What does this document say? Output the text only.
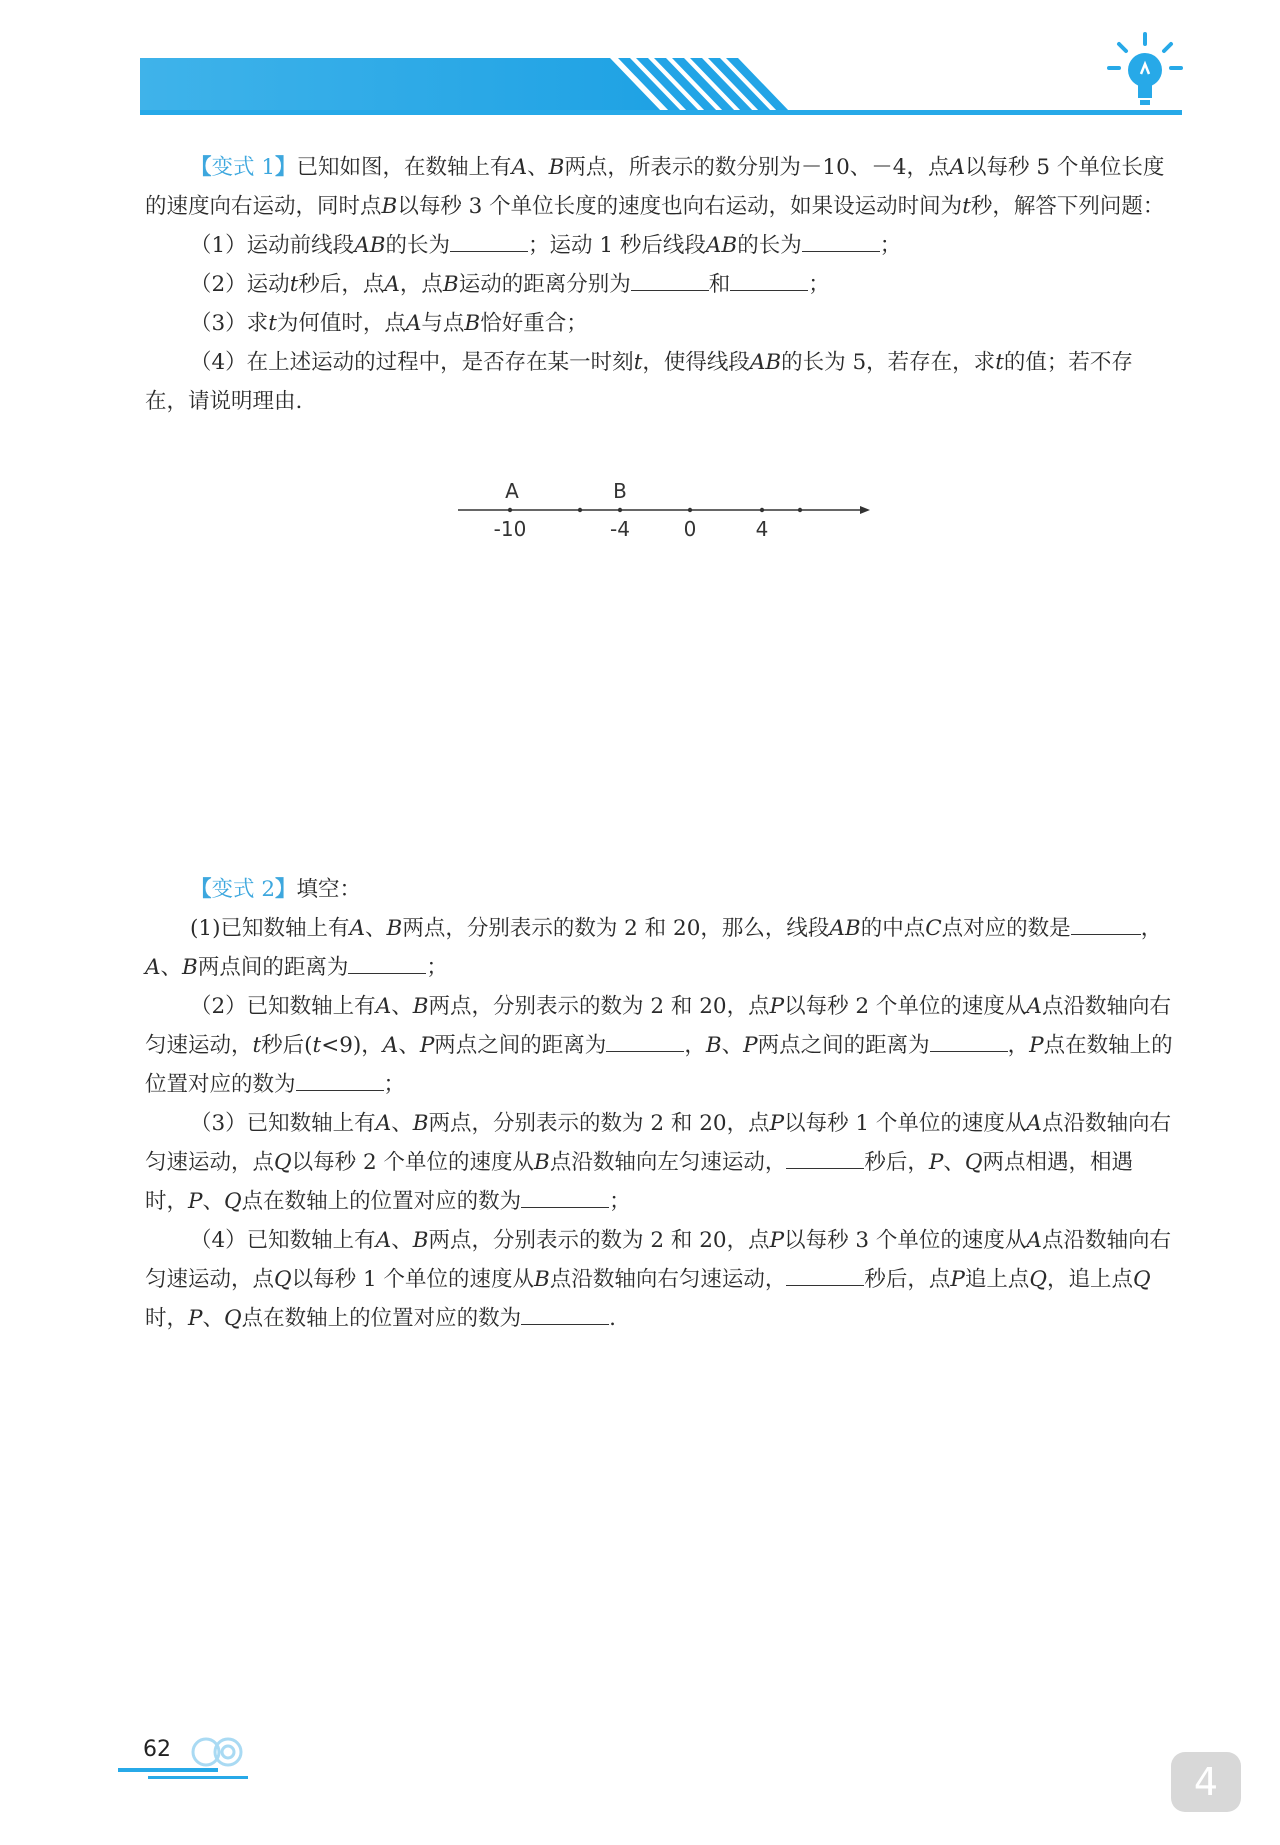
【变式 1】已知如图，在数轴上有A、B两点，所表示的数分别为－10、－4，点A以每秒 5 个单位长度的速度向右运动，同时点B以每秒 3 个单位长度的速度也向右运动，如果设运动时间为t秒，解答下列问题：

（1）运动前线段AB的长为	；运动 1 秒后线段AB的长为	；

（2）运动t秒后，点A，点B运动的距离分别为	和	；

（3）求t为何值时，点A与点B恰好重合；

（4）在上述运动的过程中，是否存在某一时刻t，使得线段AB的长为 5，若存在，求t的值；若不存在，请说明理由.

A	B
-10	-4	0	4

【变式 2】填空：

(1)已知数轴上有A、B两点，分别表示的数为 2 和 20，那么，线段AB的中点C点对应的数是	，A、B两点间的距离为	；

（2）已知数轴上有A、B两点，分别表示的数为 2 和 20，点P以每秒 2 个单位的速度从A点沿数轴向右匀速运动，t秒后(t<9)，A、P两点之间的距离为	，B、P两点之间的距离为	，P点在数轴上的位置对应的数为	；

（3）已知数轴上有A、B两点，分别表示的数为 2 和 20，点P以每秒 1 个单位的速度从A点沿数轴向右匀速运动，点Q以每秒 2 个单位的速度从B点沿数轴向左匀速运动，	秒后，P、Q两点相遇，相遇时，P、Q点在数轴上的位置对应的数为	；

（4）已知数轴上有A、B两点，分别表示的数为 2 和 20，点P以每秒 3 个单位的速度从A点沿数轴向右匀速运动，点Q以每秒 1 个单位的速度从B点沿数轴向右匀速运动，	秒后，点P追上点Q，追上点Q时，P、Q点在数轴上的位置对应的数为	.

62
4
